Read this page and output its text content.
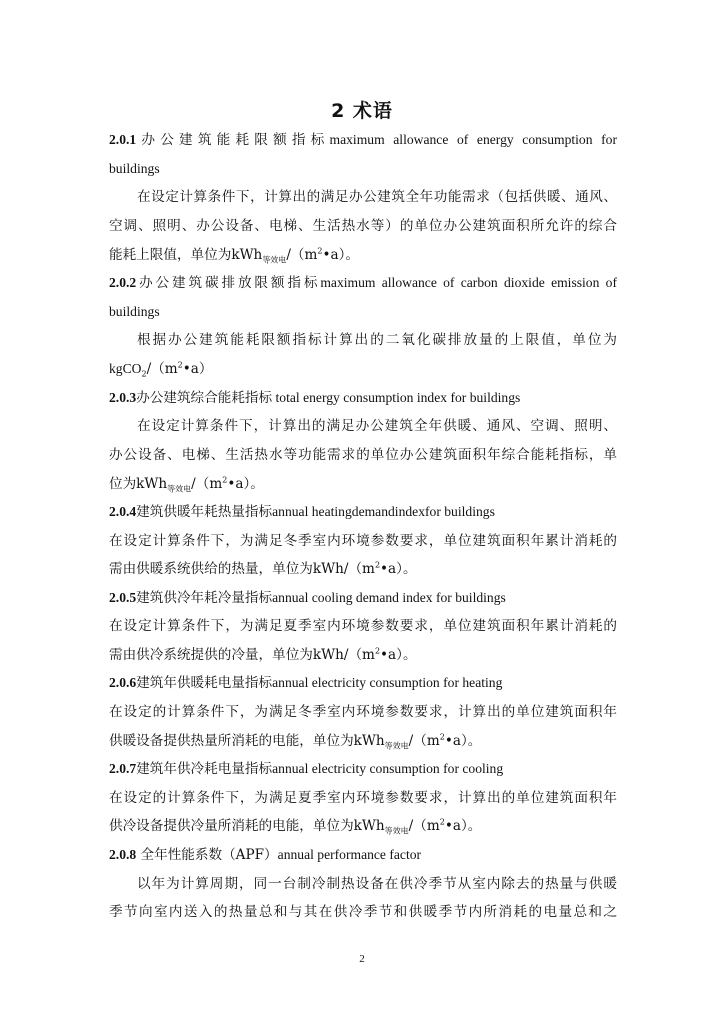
2 术语
2.0.1办公建筑能耗限额指标maximum allowance of energy consumption for
buildings
在设定计算条件下，计算出的满足办公建筑全年功能需求（包括供暖、通风、
空调、照明、办公设备、电梯、生活热水等）的单位办公建筑面积所允许的综合
能耗上限值，单位为$kWh_{等效电}/(m^2•a)$。
2.0.2办公建筑碳排放限额指标maximum allowance of carbon dioxide emission of
buildings
根据办公建筑能耗限额指标计算出的二氧化碳排放量的上限值，单位为
$kgCO_2/(m^2•a)$
2.0.3办公建筑综合能耗指标 total energy consumption index for buildings
在设定计算条件下，计算出的满足办公建筑全年供暖、通风、空调、照明、
办公设备、电梯、生活热水等功能需求的单位办公建筑面积年综合能耗指标，单
位为$kWh_{等效电}/(m^2•a)$。
2.0.4建筑供暖年耗热量指标annual heatingdemandindexfor buildings
在设定计算条件下，为满足冬季室内环境参数要求，单位建筑面积年累计消耗的
需由供暖系统供给的热量，单位为kWh/$(m^2•a)$。
2.0.5建筑供冷年耗冷量指标annual cooling demand index for buildings
在设定计算条件下，为满足夏季室内环境参数要求，单位建筑面积年累计消耗的
需由供冷系统提供的冷量，单位为kWh/$(m^2•a)$。
2.0.6建筑年供暖耗电量指标annual electricity consumption for heating
在设定的计算条件下，为满足冬季室内环境参数要求，计算出的单位建筑面积年
供暖设备提供热量所消耗的电能，单位为$kWh_{等效电}/(m^2•a)$。
2.0.7建筑年供冷耗电量指标annual electricity consumption for cooling
在设定的计算条件下，为满足夏季室内环境参数要求，计算出的单位建筑面积年
供冷设备提供冷量所消耗的电能，单位为$kWh_{等效电}/(m^2•a)$。
2.0.8 全年性能系数（APF）annual performance factor
以年为计算周期，同一台制冷制热设备在供冷季节从室内除去的热量与供暖
季节向室内送入的热量总和与其在供冷季节和供暖季节内所消耗的电量总和之
2
